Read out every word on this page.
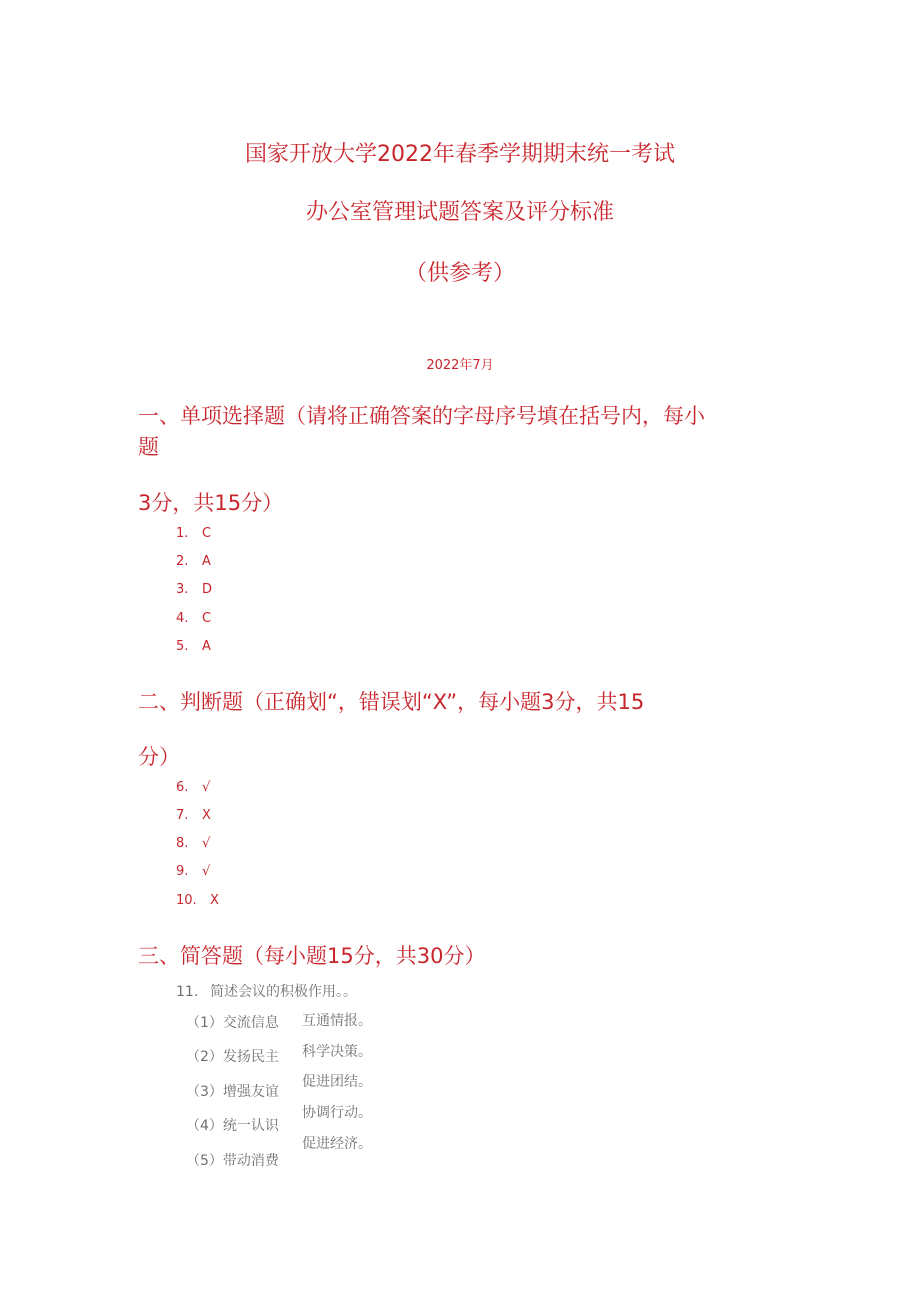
国家开放大学2022年春季学期期末统一考试
办公室管理试题答案及评分标准
（供参考）
2022年7月
一、单项选择题（请将正确答案的字母序号填在括号内，每小
题
3分，共15分）
1. C
2. A
3. D
4. C
5. A
二、判断题（正确划“，错误划“X”，每小题3分，共15
分）
6. √
7. X
8. √
9. √
10. X
三、简答题（每小题15分，共30分）
11. 简述会议的积极作用。。
（1）交流信息
（2）发扬民主
（3）增强友谊
（4）统一认识
（5）带动消费
互通情报。
科学决策。
促进团结。
协调行动。
促进经济。
